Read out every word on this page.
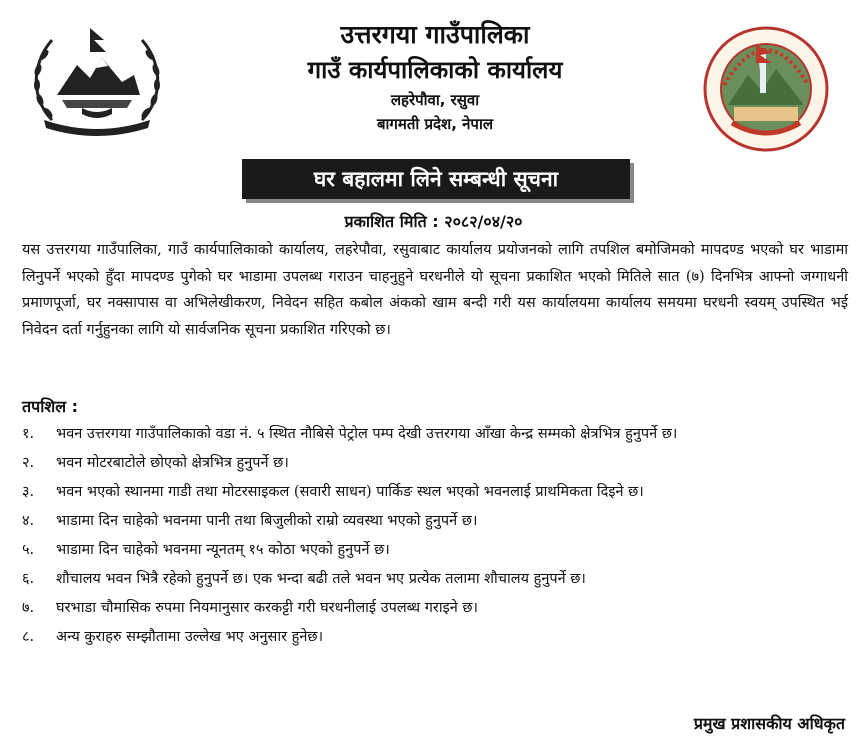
उत्तरगया गाउँपालिका
गाउँ कार्यपालिकाको कार्यालय
लहरेपौवा, रसुवा
बागमती प्रदेश, नेपाल
घर बहालमा लिने सम्बन्धी सूचना
प्रकाशित मिति : २०८२/०४/२०
यस उत्तरगया गाउँपालिका, गाउँ कार्यपालिकाको कार्यालय, लहरेपौवा, रसुवाबाट कार्यालय प्रयोजनको लागि तपशिल बमोजिमको मापदण्ड भएको घर भाडामा लिनुपर्ने भएको हुँदा मापदण्ड पुगेको घर भाडामा उपलब्ध गराउन चाहनुहुने घरधनीले यो सूचना प्रकाशित भएको मितिले सात (७) दिनभित्र आफ्नो जग्गाधनी प्रमाणपूर्जा, घर नक्सापास वा अभिलेखीकरण, निवेदन सहित कबोल अंकको खाम बन्दी गरी यस कार्यालयमा कार्यालय समयमा घरधनी स्वयम् उपस्थित भई निवेदन दर्ता गर्नुहुनका लागि यो सार्वजनिक सूचना प्रकाशित गरिएको छ।
तपशिल :
१. भवन उत्तरगया गाउँपालिकाको वडा नं. ५ स्थित नौबिसे पेट्रोल पम्प देखी उत्तरगया आँखा केन्द्र सम्मको क्षेत्रभित्र हुनुपर्ने छ।
२. भवन मोटरबाटोले छोएको क्षेत्रभित्र हुनुपर्ने छ।
३. भवन भएको स्थानमा गाडी तथा मोटरसाइकल (सवारी साधन) पार्किङ स्थल भएको भवनलाई प्राथमिकता दिइने छ।
४. भाडामा दिन चाहेको भवनमा पानी तथा बिजुलीको राम्रो व्यवस्था भएको हुनुपर्ने छ।
५. भाडामा दिन चाहेको भवनमा न्यूनतम् १५ कोठा भएको हुनुपर्ने छ।
६. शौचालय भवन भित्रै रहेको हुनुपर्ने छ। एक भन्दा बढी तले भवन भए प्रत्येक तलामा शौचालय हुनुपर्ने छ।
७. घरभाडा चौमासिक रुपमा नियमानुसार करकट्टी गरी घरधनीलाई उपलब्ध गराइने छ।
८. अन्य कुराहरु सम्झौतामा उल्लेख भए अनुसार हुनेछ।
प्रमुख प्रशासकीय अधिकृत
